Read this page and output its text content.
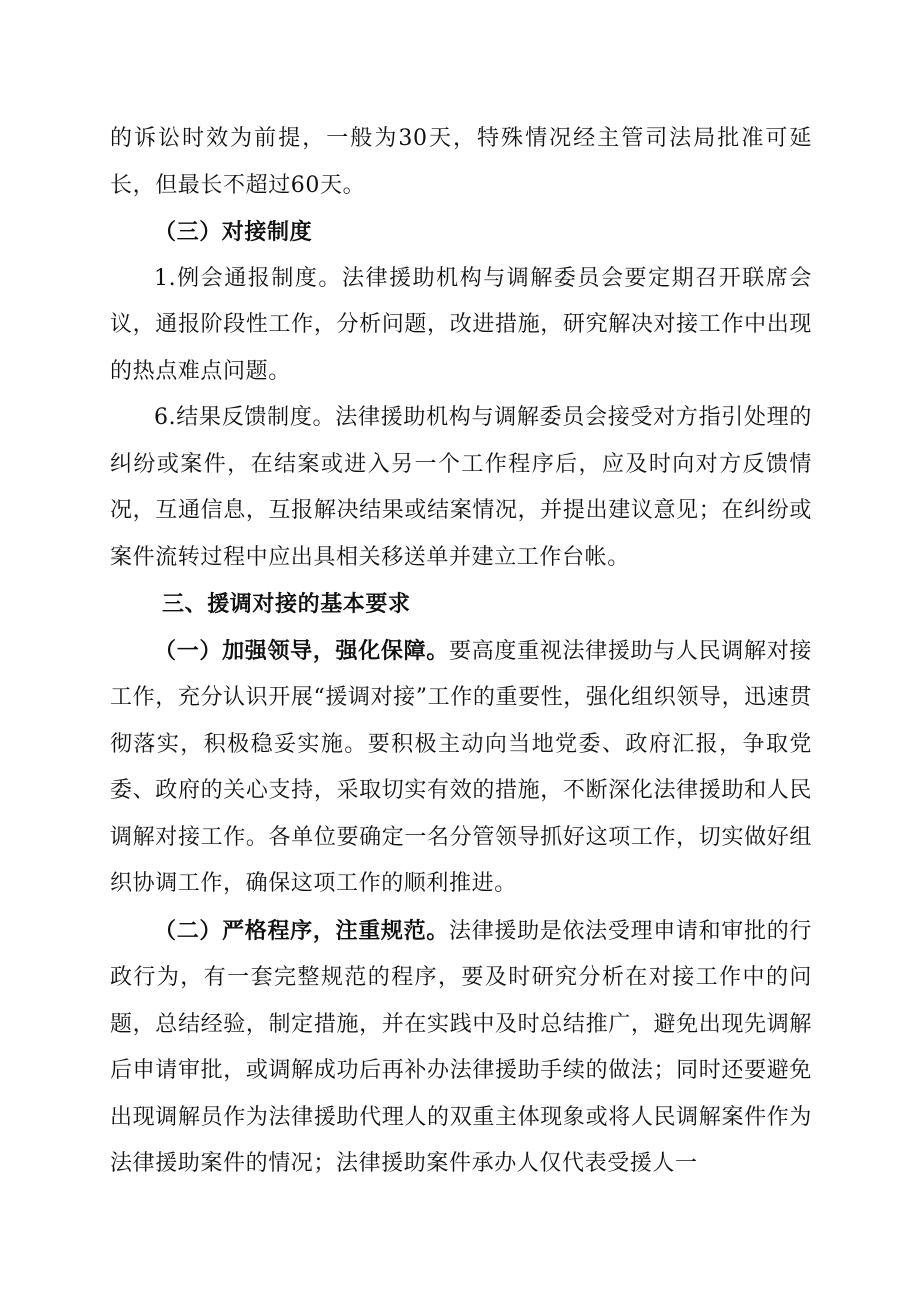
的诉讼时效为前提，一般为30天，特殊情况经主管司法局批准可延长，但最长不超过60天。

（三）对接制度

1.例会通报制度。法律援助机构与调解委员会要定期召开联席会议，通报阶段性工作，分析问题，改进措施，研究解决对接工作中出现的热点难点问题。

6.结果反馈制度。法律援助机构与调解委员会接受对方指引处理的纠纷或案件，在结案或进入另一个工作程序后，应及时向对方反馈情况，互通信息，互报解决结果或结案情况，并提出建议意见；在纠纷或案件流转过程中应出具相关移送单并建立工作台帐。

三、援调对接的基本要求

（一）加强领导，强化保障。要高度重视法律援助与人民调解对接工作，充分认识开展“援调对接”工作的重要性，强化组织领导，迅速贯彻落实，积极稳妥实施。要积极主动向当地党委、政府汇报，争取党委、政府的关心支持，采取切实有效的措施，不断深化法律援助和人民调解对接工作。各单位要确定一名分管领导抓好这项工作，切实做好组织协调工作，确保这项工作的顺利推进。

（二）严格程序，注重规范。法律援助是依法受理申请和审批的行政行为，有一套完整规范的程序，要及时研究分析在对接工作中的问题，总结经验，制定措施，并在实践中及时总结推广，避免出现先调解后申请审批，或调解成功后再补办法律援助手续的做法；同时还要避免出现调解员作为法律援助代理人的双重主体现象或将人民调解案件作为法律援助案件的情况；法律援助案件承办人仅代表受援人一
